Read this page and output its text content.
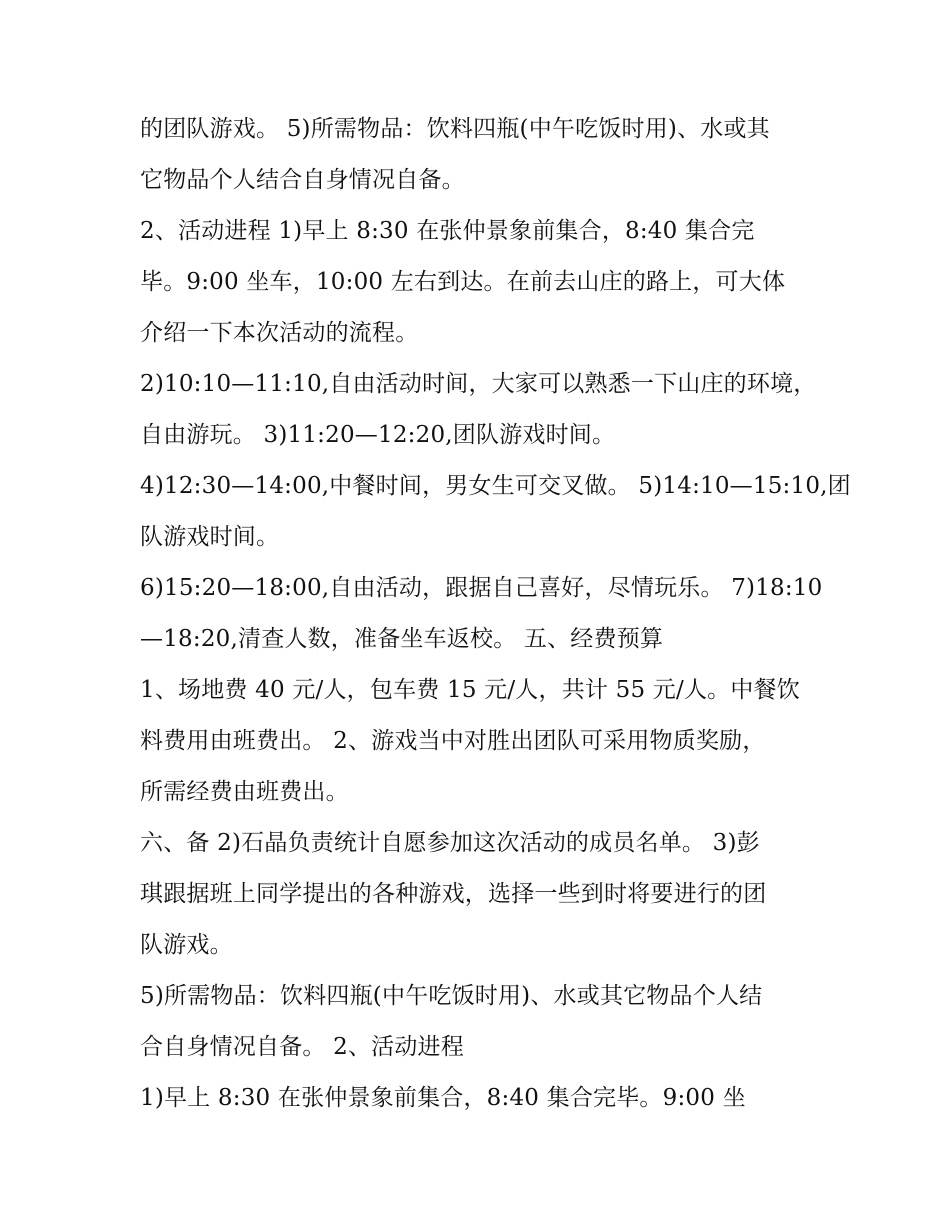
的团队游戏。 5)所需物品：饮料四瓶(中午吃饭时用)、水或其
它物品个人结合自身情况自备。
2、活动进程 1)早上 8:30 在张仲景象前集合，8:40 集合完
毕。9:00 坐车，10:00 左右到达。在前去山庄的路上，可大体
介绍一下本次活动的流程。
2)10:10—11:10,自由活动时间，大家可以熟悉一下山庄的环境，
自由游玩。 3)11:20—12:20,团队游戏时间。
4)12:30—14:00,中餐时间，男女生可交叉做。 5)14:10—15:10,团
队游戏时间。
6)15:20—18:00,自由活动，跟据自己喜好，尽情玩乐。 7)18:10
—18:20,清查人数，准备坐车返校。 五、经费预算
1、场地费 40 元/人，包车费 15 元/人，共计 55 元/人。中餐饮
料费用由班费出。 2、游戏当中对胜出团队可采用物质奖励，
所需经费由班费出。
六、备 2)石晶负责统计自愿参加这次活动的成员名单。 3)彭
琪跟据班上同学提出的各种游戏，选择一些到时将要进行的团
队游戏。
5)所需物品：饮料四瓶(中午吃饭时用)、水或其它物品个人结
合自身情况自备。 2、活动进程
1)早上 8:30 在张仲景象前集合，8:40 集合完毕。9:00 坐
